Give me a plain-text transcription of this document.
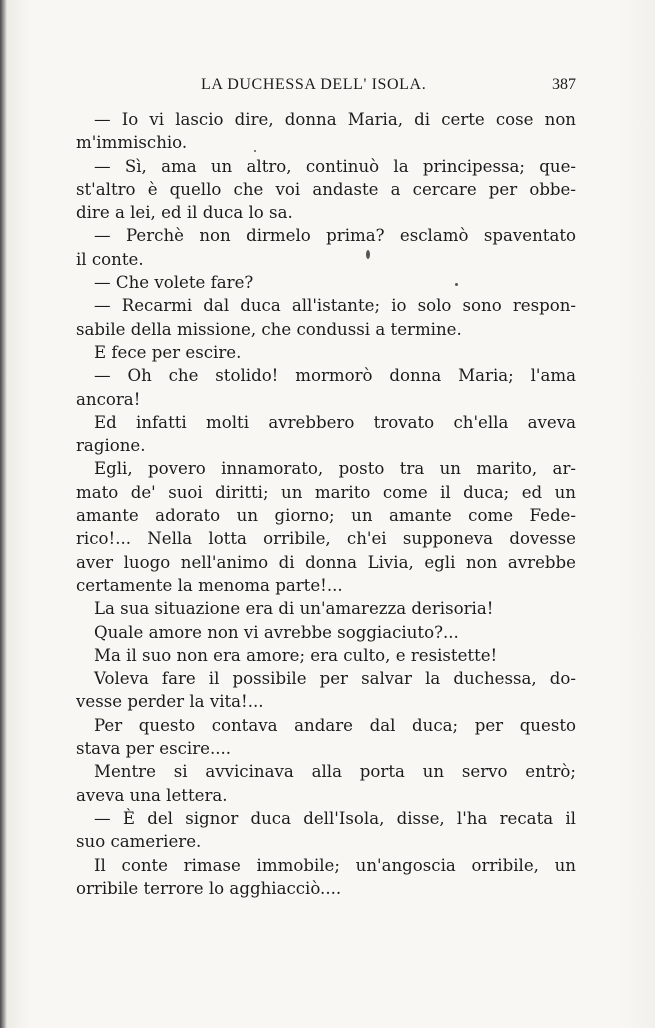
LA DUCHESSA DELL' ISOLA.	387
— Io vi lascio dire, donna Maria, di certe cose non
m'immischio.
— Sì, ama un altro, continuò la principessa; que-
st'altro è quello che voi andaste a cercare per obbe-
dire a lei, ed il duca lo sa.
— Perchè non dirmelo prima? esclamò spaventato
il conte.
— Che volete fare?
— Recarmi dal duca all'istante; io solo sono respon-
sabile della missione, che condussi a termine.
E fece per escire.
— Oh che stolido! mormorò donna Maria; l'ama
ancora!
Ed infatti molti avrebbero trovato ch'ella aveva
ragione.
Egli, povero innamorato, posto tra un marito, ar-
mato de' suoi diritti; un marito come il duca; ed un
amante adorato un giorno; un amante come Fede-
rico!... Nella lotta orribile, ch'ei supponeva dovesse
aver luogo nell'animo di donna Livia, egli non avrebbe
certamente la menoma parte!...
La sua situazione era di un'amarezza derisoria!
Quale amore non vi avrebbe soggiaciuto?...
Ma il suo non era amore; era culto, e resistette!
Voleva fare il possibile per salvar la duchessa, do-
vesse perder la vita!...
Per questo contava andare dal duca; per questo
stava per escire....
Mentre si avvicinava alla porta un servo entrò;
aveva una lettera.
— È del signor duca dell'Isola, disse, l'ha recata il
suo cameriere.
Il conte rimase immobile; un'angoscia orribile, un
orribile terrore lo agghiacciò....
